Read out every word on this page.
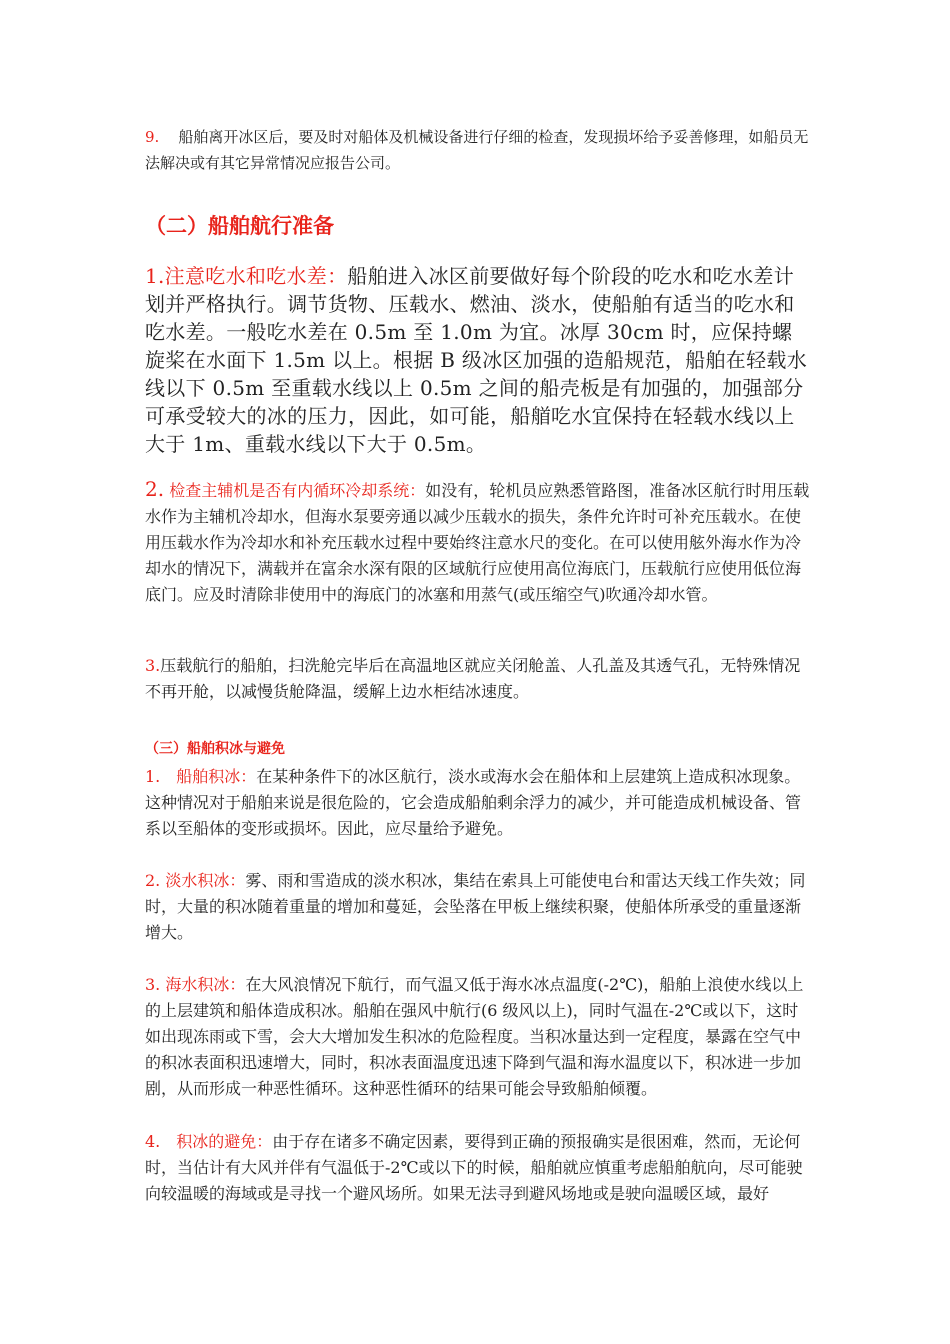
9. 船舶离开冰区后，要及时对船体及机械设备进行仔细的检查，发现损坏给予妥善修理，如船员无法解决或有其它异常情况应报告公司。

（二）船舶航行准备

1.注意吃水和吃水差：船舶进入冰区前要做好每个阶段的吃水和吃水差计划并严格执行。调节货物、压载水、燃油、淡水，使船舶有适当的吃水和吃水差。一般吃水差在 0.5m 至 1.0m 为宜。冰厚 30cm 时，应保持螺旋桨在水面下 1.5m 以上。根据 B 级冰区加强的造船规范，船舶在轻载水线以下 0.5m 至重载水线以上 0.5m 之间的船壳板是有加强的，加强部分可承受较大的冰的压力，因此，如可能，船艏吃水宜保持在轻载水线以上大于 1m、重载水线以下大于 0.5m。

2. 检查主辅机是否有内循环冷却系统：如没有，轮机员应熟悉管路图，准备冰区航行时用压载水作为主辅机冷却水，但海水泵要旁通以减少压载水的损失，条件允许时可补充压载水。在使用压载水作为冷却水和补充压载水过程中要始终注意水尺的变化。在可以使用舷外海水作为冷却水的情况下，满载并在富余水深有限的区域航行应使用高位海底门，压载航行应使用低位海底门。应及时清除非使用中的海底门的冰塞和用蒸气(或压缩空气)吹通冷却水管。

3.压载航行的船舶，扫洗舱完毕后在高温地区就应关闭舱盖、人孔盖及其透气孔，无特殊情况不再开舱，以减慢货舱降温，缓解上边水柜结冰速度。

（三）船舶积冰与避免

1.　船舶积冰：在某种条件下的冰区航行，淡水或海水会在船体和上层建筑上造成积冰现象。这种情况对于船舶来说是很危险的，它会造成船舶剩余浮力的减少，并可能造成机械设备、管系以至船体的变形或损坏。因此，应尽量给予避免。

2. 淡水积冰：雾、雨和雪造成的淡水积冰，集结在索具上可能使电台和雷达天线工作失效；同时，大量的积冰随着重量的增加和蔓延，会坠落在甲板上继续积聚，使船体所承受的重量逐渐增大。

3. 海水积冰：在大风浪情况下航行，而气温又低于海水冰点温度(-2℃)，船舶上浪使水线以上的上层建筑和船体造成积冰。船舶在强风中航行(6 级风以上)，同时气温在-2℃或以下，这时如出现冻雨或下雪，会大大增加发生积冰的危险程度。当积冰量达到一定程度，暴露在空气中的积冰表面积迅速增大，同时，积冰表面温度迅速下降到气温和海水温度以下，积冰进一步加剧，从而形成一种恶性循环。这种恶性循环的结果可能会导致船舶倾覆。

4.　积冰的避免：由于存在诸多不确定因素，要得到正确的预报确实是很困难，然而，无论何时，当估计有大风并伴有气温低于-2℃或以下的时候，船舶就应慎重考虑船舶航向，尽可能驶向较温暖的海域或是寻找一个避风场所。如果无法寻到避风场地或是驶向温暖区域，最好
